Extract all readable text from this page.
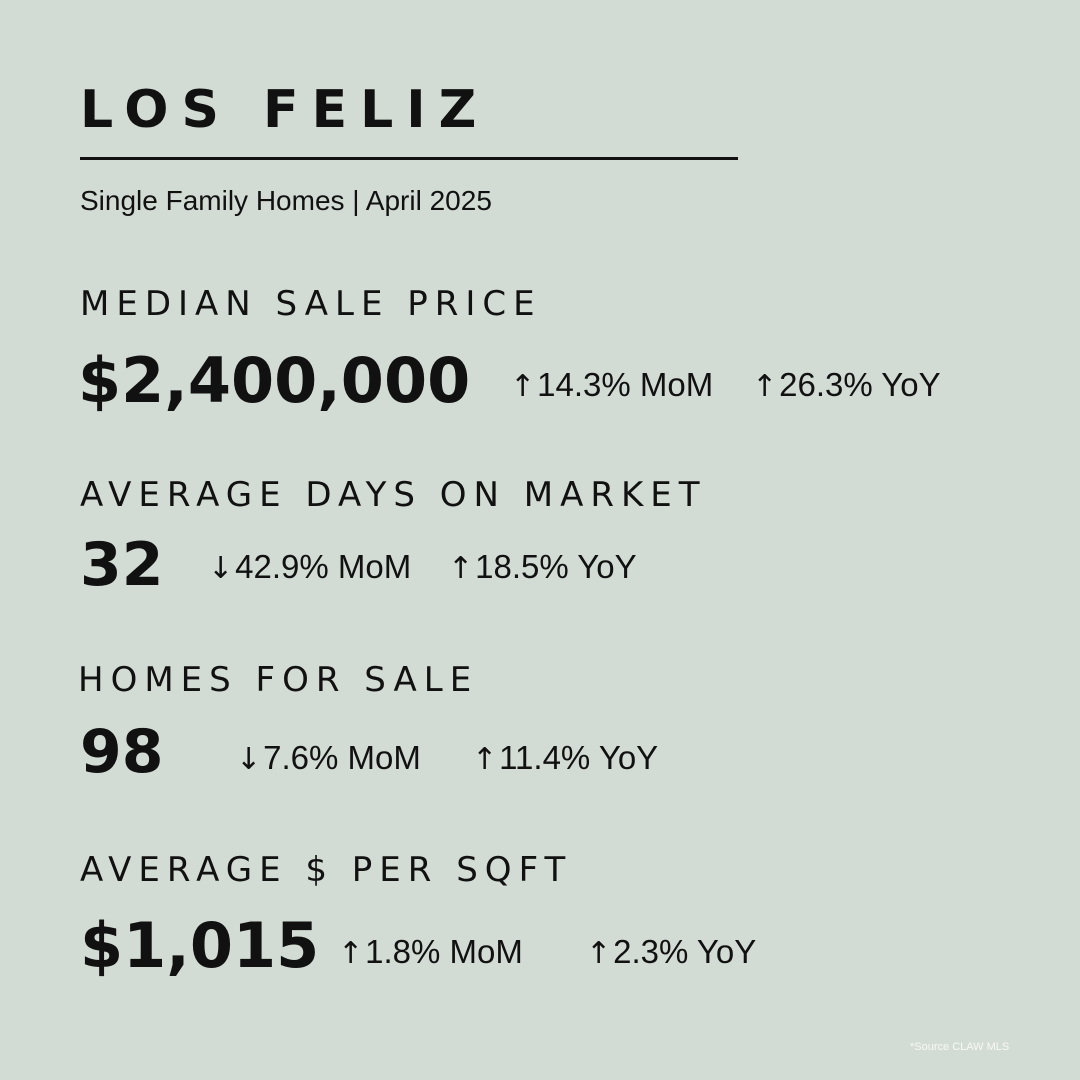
LOS FELIZ
Single Family Homes | April 2025
MEDIAN SALE PRICE
$2,400,000 ↑ 14.3% MoM ↑ 26.3% YoY
AVERAGE DAYS ON MARKET
32 ↓ 42.9% MoM ↑ 18.5% YoY
HOMES FOR SALE
98 ↓ 7.6% MoM ↑ 11.4% YoY
AVERAGE $ PER SQFT
$1,015 ↑ 1.8% MoM ↑ 2.3% YoY
*Source CLAW MLS
